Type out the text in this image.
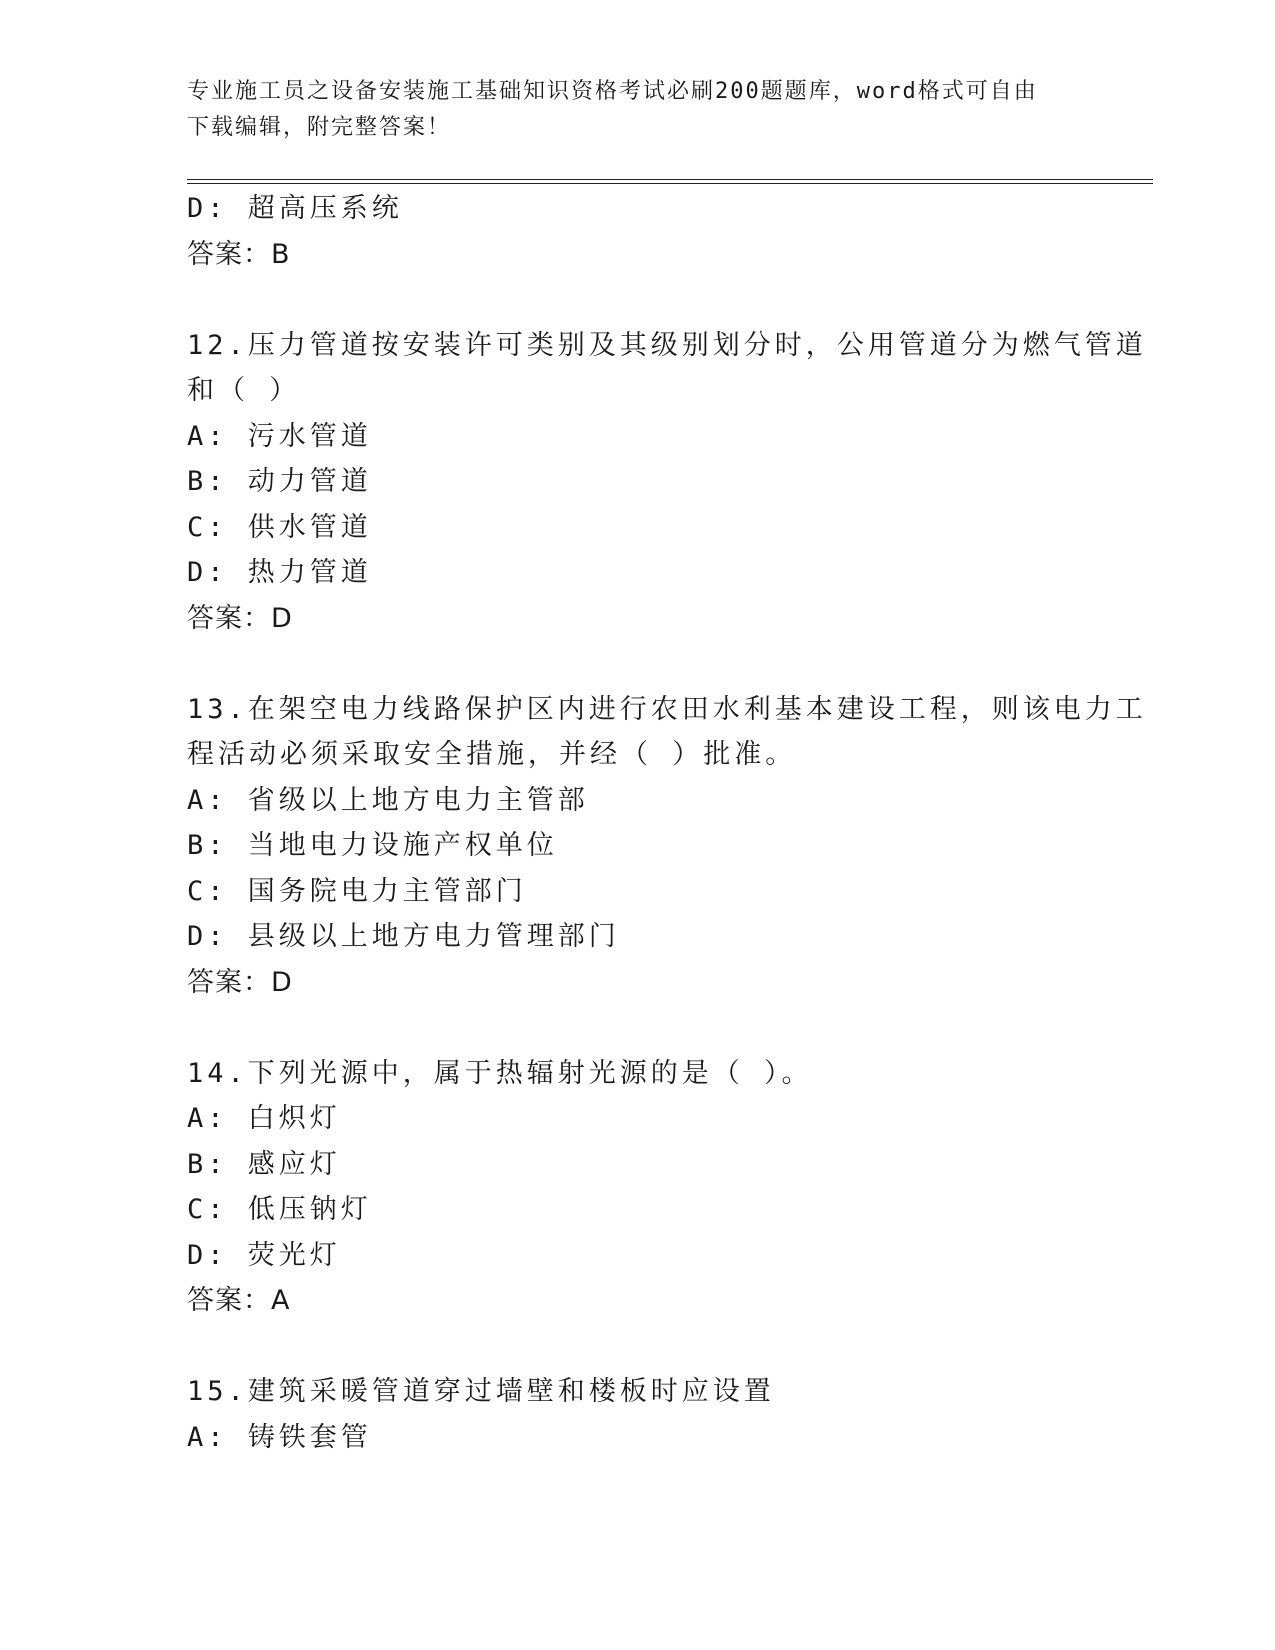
专业施工员之设备安装施工基础知识资格考试必刷200题题库，word格式可自由
下载编辑，附完整答案！
D: 超高压系统
答案：B
12.压力管道按安装许可类别及其级别划分时，公用管道分为燃气管道
和（ ）
A: 污水管道
B: 动力管道
C: 供水管道
D: 热力管道
答案：D
13.在架空电力线路保护区内进行农田水利基本建设工程，则该电力工
程活动必须采取安全措施，并经（ ）批准。
A: 省级以上地方电力主管部
B: 当地电力设施产权单位
C: 国务院电力主管部门
D: 县级以上地方电力管理部门
答案：D
14.下列光源中，属于热辐射光源的是（ ）。
A: 白炽灯
B: 感应灯
C: 低压钠灯
D: 荧光灯
答案：A
15.建筑采暖管道穿过墙壁和楼板时应设置
A: 铸铁套管
